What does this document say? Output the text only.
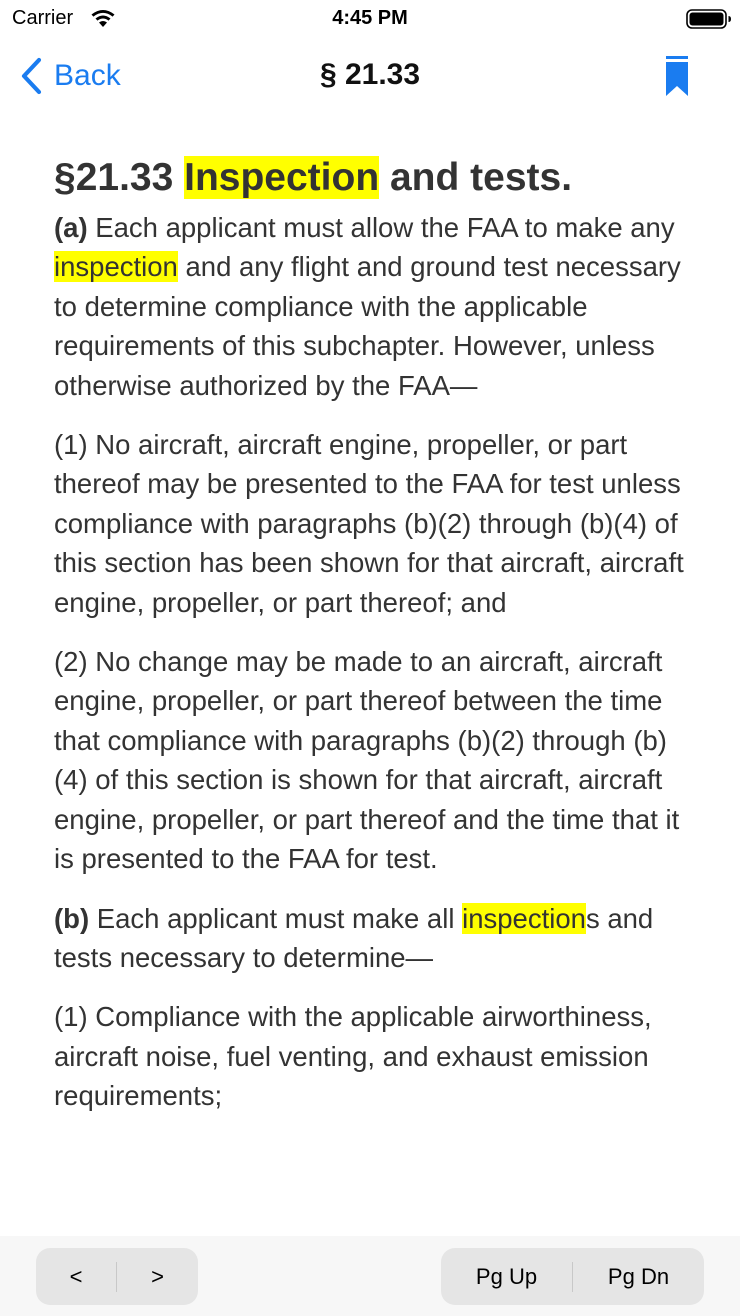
Carrier	4:45 PM
Back	§ 21.33
§21.33 Inspection and tests.

(a) Each applicant must allow the FAA to make any inspection and any flight and ground test necessary to determine compliance with the applicable requirements of this subchapter. However, unless otherwise authorized by the FAA—

(1) No aircraft, aircraft engine, propeller, or part thereof may be presented to the FAA for test unless compliance with paragraphs (b)(2) through (b)(4) of this section has been shown for that aircraft, aircraft engine, propeller, or part thereof; and

(2) No change may be made to an aircraft, aircraft engine, propeller, or part thereof between the time that compliance with paragraphs (b)(2) through (b)(4) of this section is shown for that aircraft, aircraft engine, propeller, or part thereof and the time that it is presented to the FAA for test.

(b) Each applicant must make all inspections and tests necessary to determine—

(1) Compliance with the applicable airworthiness, aircraft noise, fuel venting, and exhaust emission requirements;

<	>	Pg Up	Pg Dn
